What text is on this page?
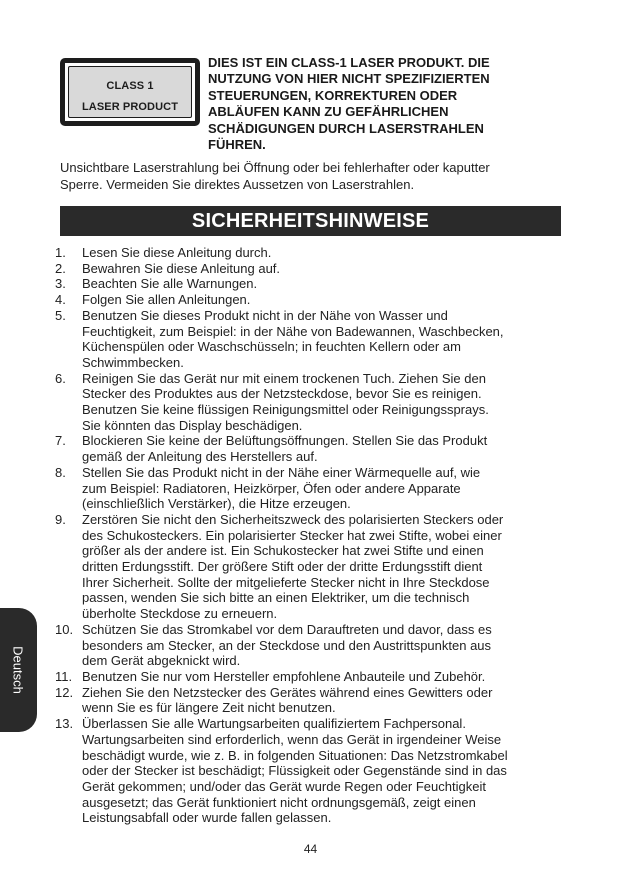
CLASS 1
LASER PRODUCT
DIES IST EIN CLASS-1 LASER PRODUKT. DIE
NUTZUNG VON HIER NICHT SPEZIFIZIERTEN
STEUERUNGEN, KORREKTUREN ODER
ABLÄUFEN KANN ZU GEFÄHRLICHEN
SCHÄDIGUNGEN DURCH LASERSTRAHLEN
FÜHREN.
Unsichtbare Laserstrahlung bei Öffnung oder bei fehlerhafter oder kaputter
Sperre. Vermeiden Sie direktes Aussetzen von Laserstrahlen.
SICHERHEITSHINWEISE
1. Lesen Sie diese Anleitung durch.
2. Bewahren Sie diese Anleitung auf.
3. Beachten Sie alle Warnungen.
4. Folgen Sie allen Anleitungen.
5. Benutzen Sie dieses Produkt nicht in der Nähe von Wasser und
Feuchtigkeit, zum Beispiel: in der Nähe von Badewannen, Waschbecken,
Küchenspülen oder Waschschüsseln; in feuchten Kellern oder am
Schwimmbecken.
6. Reinigen Sie das Gerät nur mit einem trockenen Tuch. Ziehen Sie den
Stecker des Produktes aus der Netzsteckdose, bevor Sie es reinigen.
Benutzen Sie keine flüssigen Reinigungsmittel oder Reinigungssprays.
Sie könnten das Display beschädigen.
7. Blockieren Sie keine der Belüftungsöffnungen. Stellen Sie das Produkt
gemäß der Anleitung des Herstellers auf.
8. Stellen Sie das Produkt nicht in der Nähe einer Wärmequelle auf, wie
zum Beispiel: Radiatoren, Heizkörper, Öfen oder andere Apparate
(einschließlich Verstärker), die Hitze erzeugen.
9. Zerstören Sie nicht den Sicherheitszweck des polarisierten Steckers oder
des Schukosteckers. Ein polarisierter Stecker hat zwei Stifte, wobei einer
größer als der andere ist. Ein Schukostecker hat zwei Stifte und einen
dritten Erdungsstift. Der größere Stift oder der dritte Erdungsstift dient
Ihrer Sicherheit. Sollte der mitgelieferte Stecker nicht in Ihre Steckdose
passen, wenden Sie sich bitte an einen Elektriker, um die technisch
überholte Steckdose zu erneuern.
10. Schützen Sie das Stromkabel vor dem Darauftreten und davor, dass es
besonders am Stecker, an der Steckdose und den Austrittspunkten aus
dem Gerät abgeknickt wird.
11. Benutzen Sie nur vom Hersteller empfohlene Anbauteile und Zubehör.
12. Ziehen Sie den Netzstecker des Gerätes während eines Gewitters oder
wenn Sie es für längere Zeit nicht benutzen.
13. Überlassen Sie alle Wartungsarbeiten qualifiziertem Fachpersonal.
Wartungsarbeiten sind erforderlich, wenn das Gerät in irgendeiner Weise
beschädigt wurde, wie z. B. in folgenden Situationen: Das Netzstromkabel
oder der Stecker ist beschädigt; Flüssigkeit oder Gegenstände sind in das
Gerät gekommen; und/oder das Gerät wurde Regen oder Feuchtigkeit
ausgesetzt; das Gerät funktioniert nicht ordnungsgemäß, zeigt einen
Leistungsabfall oder wurde fallen gelassen.
Deutsch
44
